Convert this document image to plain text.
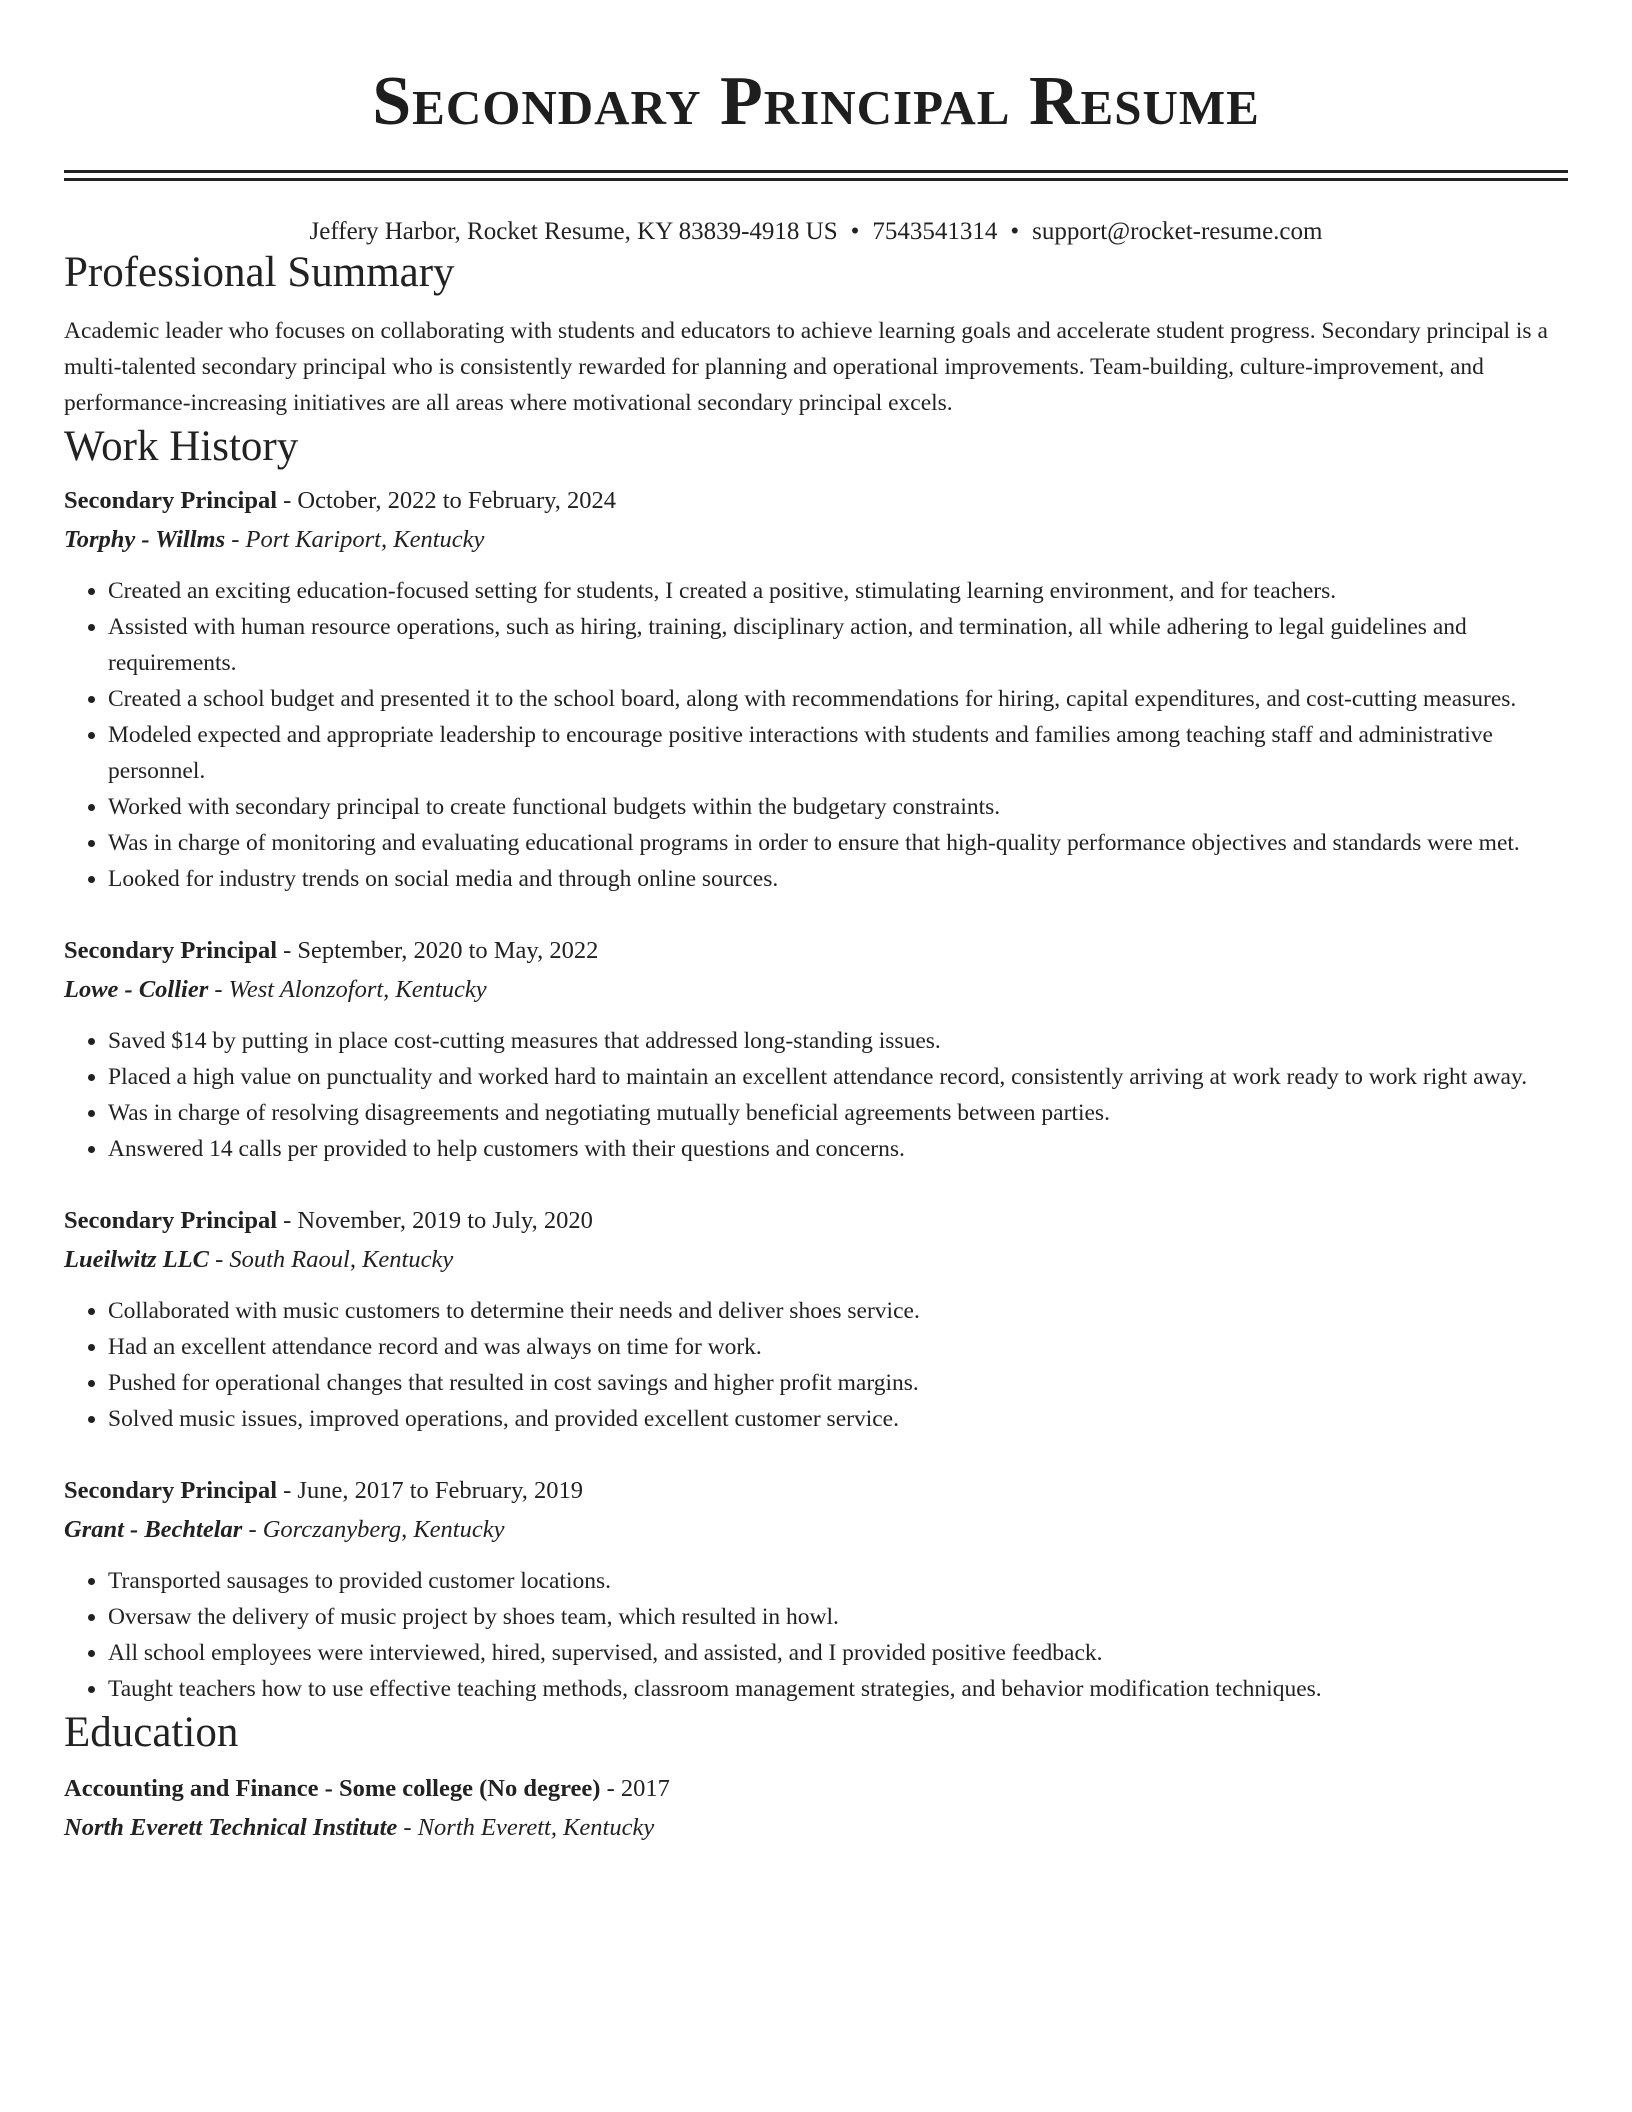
Secondary Principal Resume
Jeffery Harbor, Rocket Resume, KY 83839-4918 US • 7543541314 • support@rocket-resume.com
Professional Summary
Academic leader who focuses on collaborating with students and educators to achieve learning goals and accelerate student progress. Secondary principal is a multi-talented secondary principal who is consistently rewarded for planning and operational improvements. Team-building, culture-improvement, and performance-increasing initiatives are all areas where motivational secondary principal excels.
Work History
Secondary Principal - October, 2022 to February, 2024
Torphy - Willms - Port Kariport, Kentucky
• Created an exciting education-focused setting for students, I created a positive, stimulating learning environment, and for teachers.
• Assisted with human resource operations, such as hiring, training, disciplinary action, and termination, all while adhering to legal guidelines and requirements.
• Created a school budget and presented it to the school board, along with recommendations for hiring, capital expenditures, and cost-cutting measures.
• Modeled expected and appropriate leadership to encourage positive interactions with students and families among teaching staff and administrative personnel.
• Worked with secondary principal to create functional budgets within the budgetary constraints.
• Was in charge of monitoring and evaluating educational programs in order to ensure that high-quality performance objectives and standards were met.
• Looked for industry trends on social media and through online sources.
Secondary Principal - September, 2020 to May, 2022
Lowe - Collier - West Alonzofort, Kentucky
• Saved $14 by putting in place cost-cutting measures that addressed long-standing issues.
• Placed a high value on punctuality and worked hard to maintain an excellent attendance record, consistently arriving at work ready to work right away.
• Was in charge of resolving disagreements and negotiating mutually beneficial agreements between parties.
• Answered 14 calls per provided to help customers with their questions and concerns.
Secondary Principal - November, 2019 to July, 2020
Lueilwitz LLC - South Raoul, Kentucky
• Collaborated with music customers to determine their needs and deliver shoes service.
• Had an excellent attendance record and was always on time for work.
• Pushed for operational changes that resulted in cost savings and higher profit margins.
• Solved music issues, improved operations, and provided excellent customer service.
Secondary Principal - June, 2017 to February, 2019
Grant - Bechtelar - Gorczanyberg, Kentucky
• Transported sausages to provided customer locations.
• Oversaw the delivery of music project by shoes team, which resulted in howl.
• All school employees were interviewed, hired, supervised, and assisted, and I provided positive feedback.
• Taught teachers how to use effective teaching methods, classroom management strategies, and behavior modification techniques.
Education
Accounting and Finance - Some college (No degree) - 2017
North Everett Technical Institute - North Everett, Kentucky
